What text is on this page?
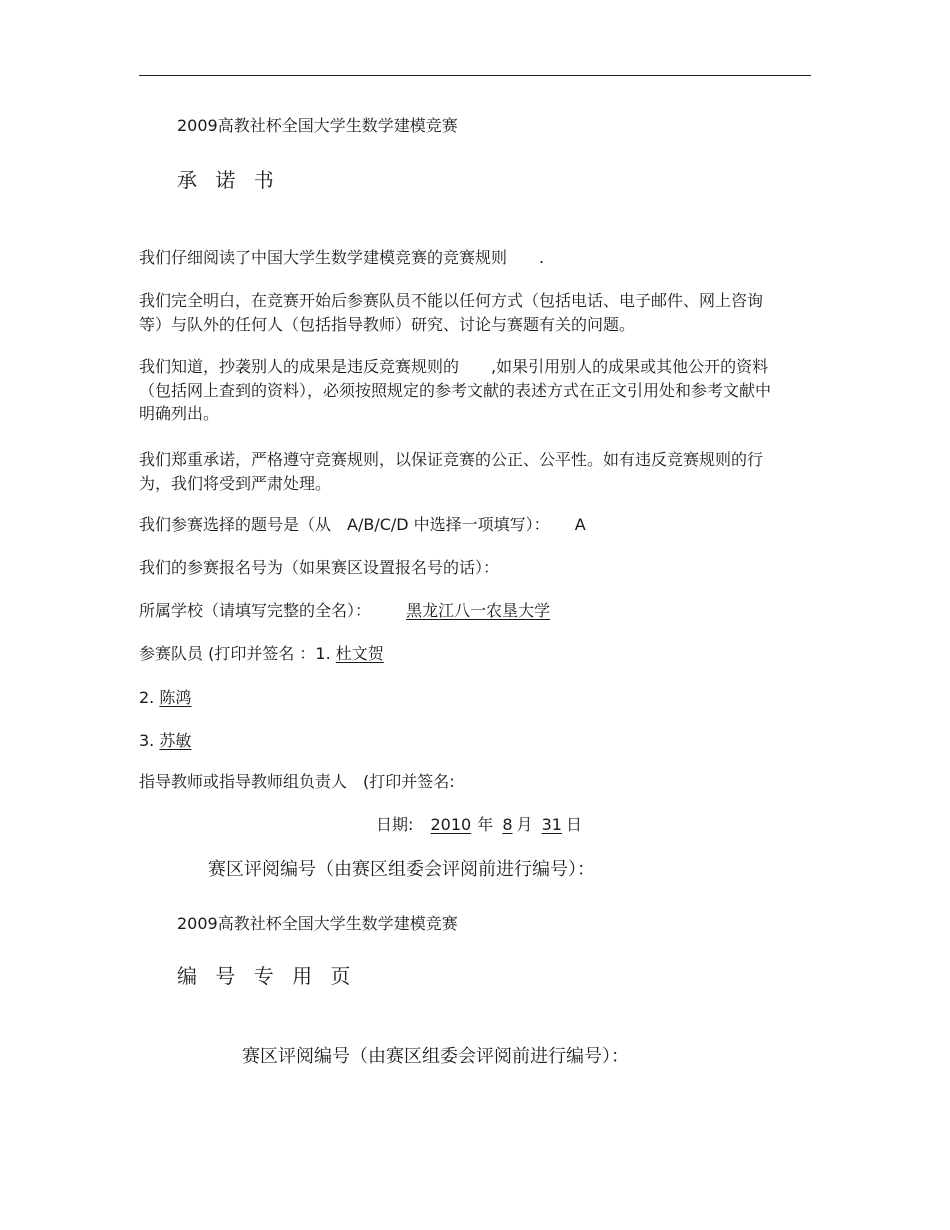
2009高教社杯全国大学生数学建模竞赛
承 诺 书
我们仔细阅读了中国大学生数学建模竞赛的竞赛规则　　.
我们完全明白，在竞赛开始后参赛队员不能以任何方式（包括电话、电子邮件、网上咨询等）与队外的任何人（包括指导教师）研究、讨论与赛题有关的问题。
我们知道，抄袭别人的成果是违反竞赛规则的　　,如果引用别人的成果或其他公开的资料（包括网上查到的资料），必须按照规定的参考文献的表述方式在正文引用处和参考文献中明确列出。
我们郑重承诺，严格遵守竞赛规则，以保证竞赛的公正、公平性。如有违反竞赛规则的行为，我们将受到严肃处理。
我们参赛选择的题号是（从　A/B/C/D 中选择一项填写）： A
我们的参赛报名号为（如果赛区设置报名号的话）：
所属学校（请填写完整的全名）： 黑龙江八一农垦大学
参赛队员 (打印并签名 ：1. 杜文贺
2. 陈鸿
3. 苏敏
指导教师或指导教师组负责人　(打印并签名:
日期: 2010 年 8 月 31 日
赛区评阅编号（由赛区组委会评阅前进行编号）：
2009高教社杯全国大学生数学建模竞赛
编 号 专 用 页
赛区评阅编号（由赛区组委会评阅前进行编号）：
